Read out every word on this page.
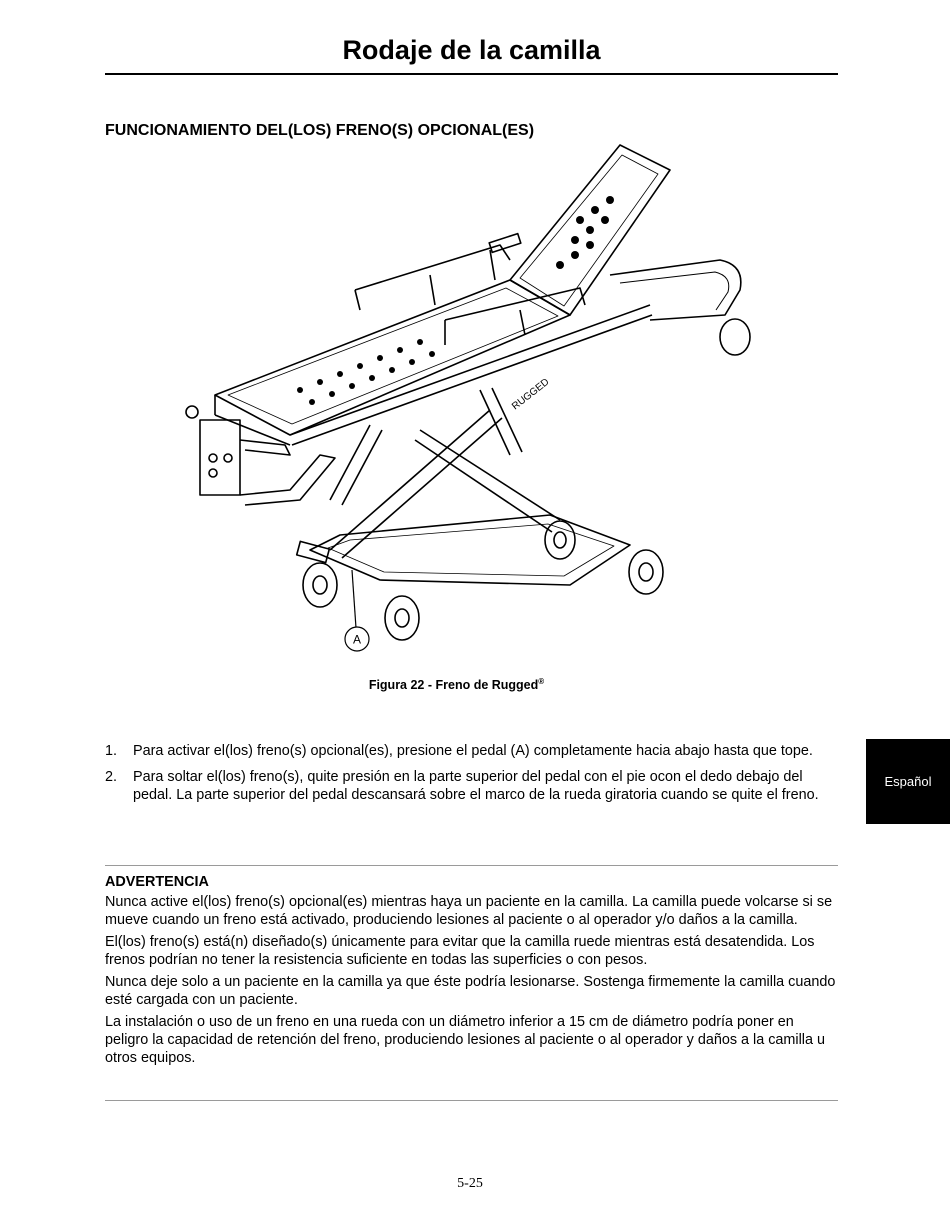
Rodaje de la camilla
FUNCIONAMIENTO DEL(LOS) FRENO(S) OPCIONAL(ES)
RUGGED
A
Figura 22 - Freno de Rugged®
1. Para activar el(los) freno(s) opcional(es), presione el pedal (A) completamente hacia abajo hasta que tope.
2. Para soltar el(los) freno(s), quite presión en la parte superior del pedal con el pie ocon el dedo debajo del pedal. La parte superior del pedal descansará sobre el marco de la rueda giratoria cuando se quite el freno.
ADVERTENCIA

Nunca active el(los) freno(s) opcional(es) mientras haya un paciente en la camilla. La camilla puede volcarse si se mueve cuando un freno está activado, produciendo lesiones al paciente o al operador y/o daños a la camilla.

El(los) freno(s) está(n) diseñado(s) únicamente para evitar que la camilla ruede mientras está desatendida. Los frenos podrían no tener la resistencia suficiente en todas las superficies o con pesos.

Nunca deje solo a un paciente en la camilla ya que éste podría lesionarse. Sostenga firmemente la camilla cuando esté cargada con un paciente.

La instalación o uso de un freno en una rueda con un diámetro inferior a 15 cm de diámetro podría poner en peligro la capacidad de retención del freno, produciendo lesiones al paciente o al operador y daños a la camilla u otros equipos.

Español
5-25
